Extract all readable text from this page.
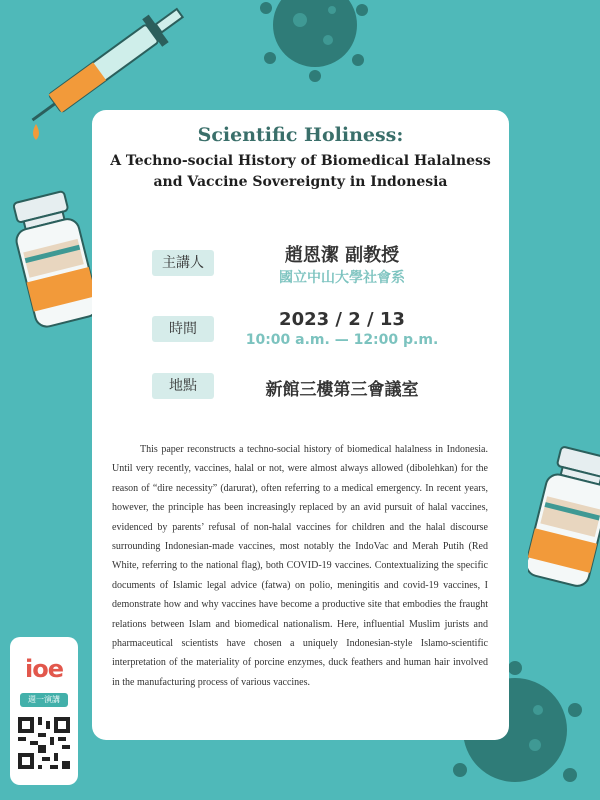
Scientific Holiness:
A Techno-social History of Biomedical Halalness and Vaccine Sovereignty in Indonesia
主講人	趙恩潔 副教授
國立中山大學社會系
時間	2023 / 2 / 13
10:00 a.m. — 12:00 p.m.
地點	新館三樓第三會議室

This paper reconstructs a techno-social history of biomedical halalness in Indonesia. Until very recently, vaccines, halal or not, were almost always allowed (dibolehkan) for the reason of “dire necessity” (darurat), often referring to a medical emergency. In recent years, however, the principle has been increasingly replaced by an avid pursuit of halal vaccines, evidenced by parents’ refusal of non-halal vaccines for children and the halal discourse surrounding Indonesian-made vaccines, most notably the IndoVac and Merah Putih (Red White, referring to the national flag), both COVID-19 vaccines. Contextualizing the specific documents of Islamic legal advice (fatwa) on polio, meningitis and covid-19 vaccines, I demonstrate how and why vaccines have become a productive site that embodies the fraught relations between Islam and biomedical nationalism. Here, influential Muslim jurists and pharmaceutical scientists have chosen a uniquely Indonesian-style Islamo-scientific interpretation of the materiality of porcine enzymes, duck feathers and human hair involved in the manufacturing process of various vaccines.

ioe
週一演講
